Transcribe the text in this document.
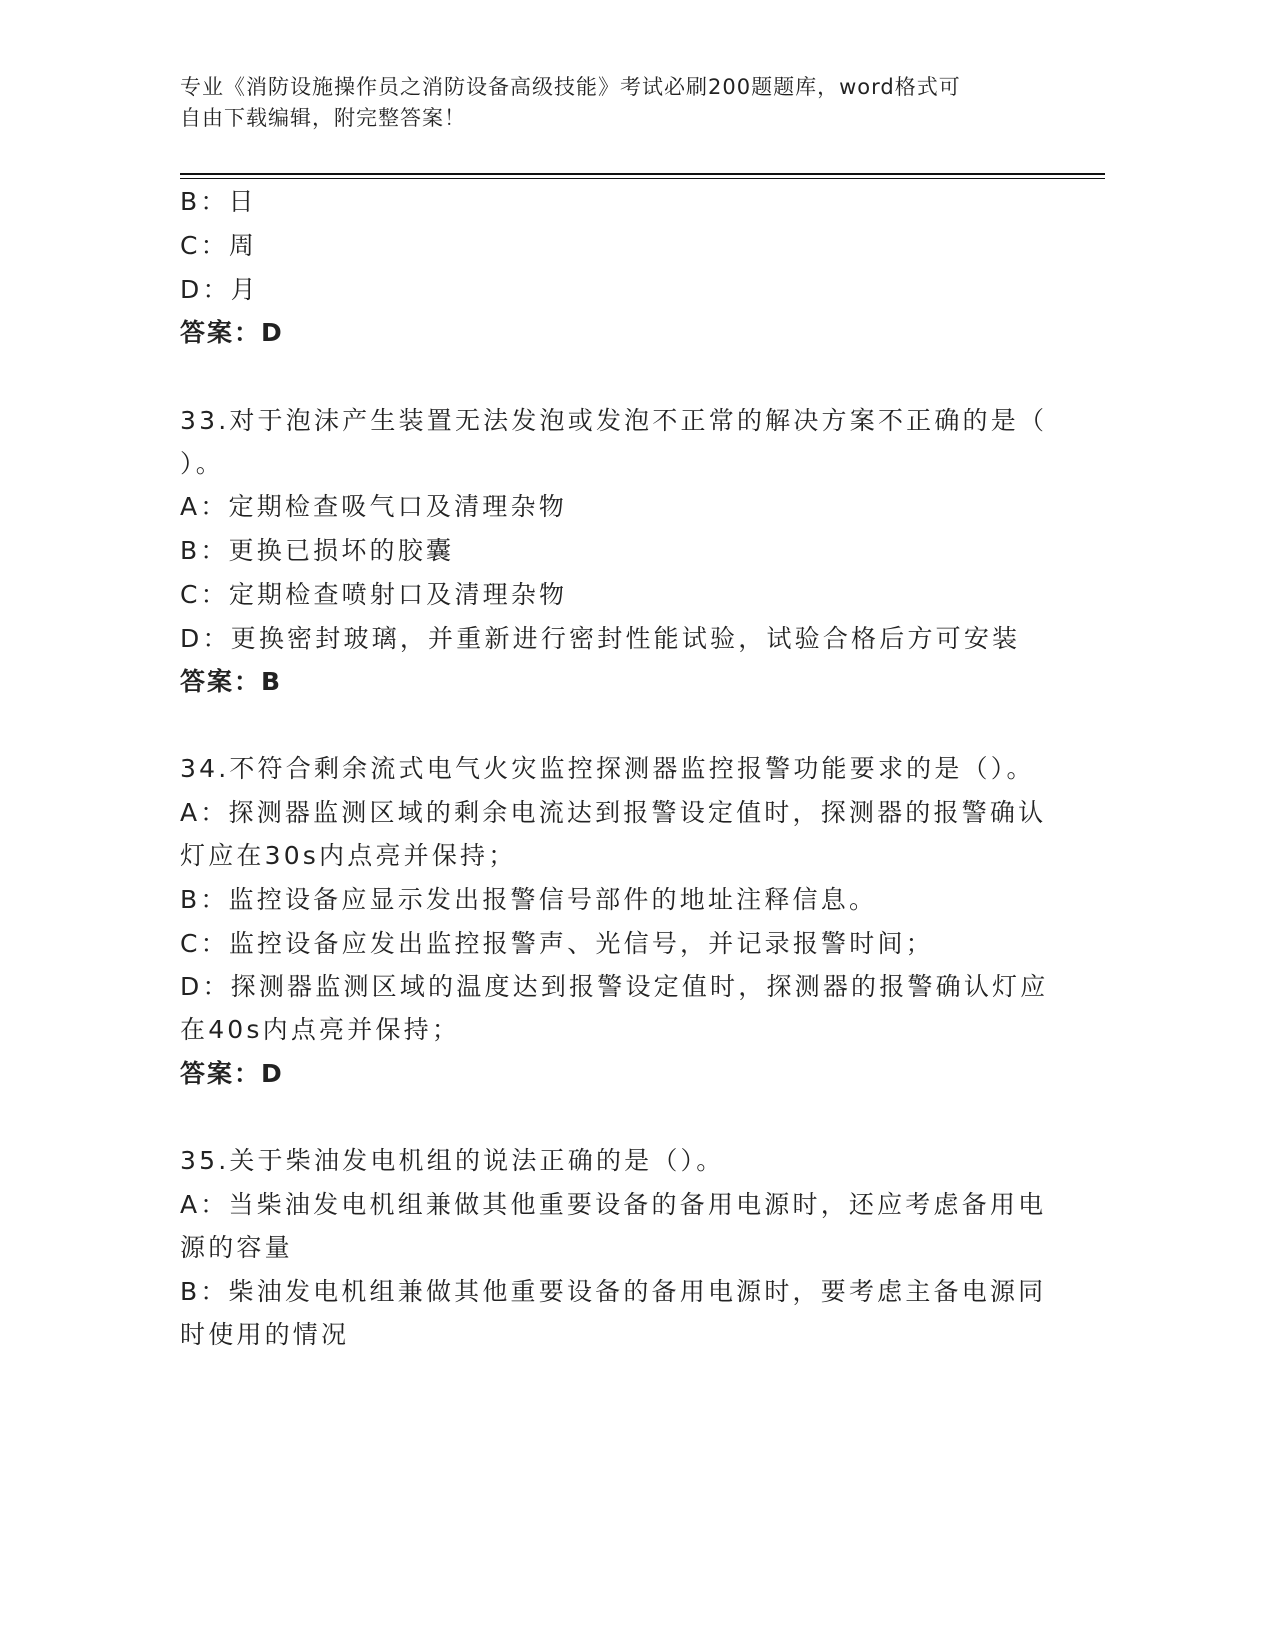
专业《消防设施操作员之消防设备高级技能》考试必刷200题题库，word格式可
自由下载编辑，附完整答案！
B：日
C：周
D：月
答案：D
33.对于泡沫产生装置无法发泡或发泡不正常的解决方案不正确的是（
）。
A：定期检查吸气口及清理杂物
B：更换已损坏的胶囊
C：定期检查喷射口及清理杂物
D：更换密封玻璃，并重新进行密封性能试验，试验合格后方可安装
答案：B
34.不符合剩余流式电气火灾监控探测器监控报警功能要求的是（）。
A：探测器监测区域的剩余电流达到报警设定值时，探测器的报警确认
灯应在30s内点亮并保持；
B：监控设备应显示发出报警信号部件的地址注释信息。
C：监控设备应发出监控报警声、光信号，并记录报警时间；
D：探测器监测区域的温度达到报警设定值时，探测器的报警确认灯应
在40s内点亮并保持；
答案：D
35.关于柴油发电机组的说法正确的是（）。
A：当柴油发电机组兼做其他重要设备的备用电源时，还应考虑备用电
源的容量
B：柴油发电机组兼做其他重要设备的备用电源时，要考虑主备电源同
时使用的情况
